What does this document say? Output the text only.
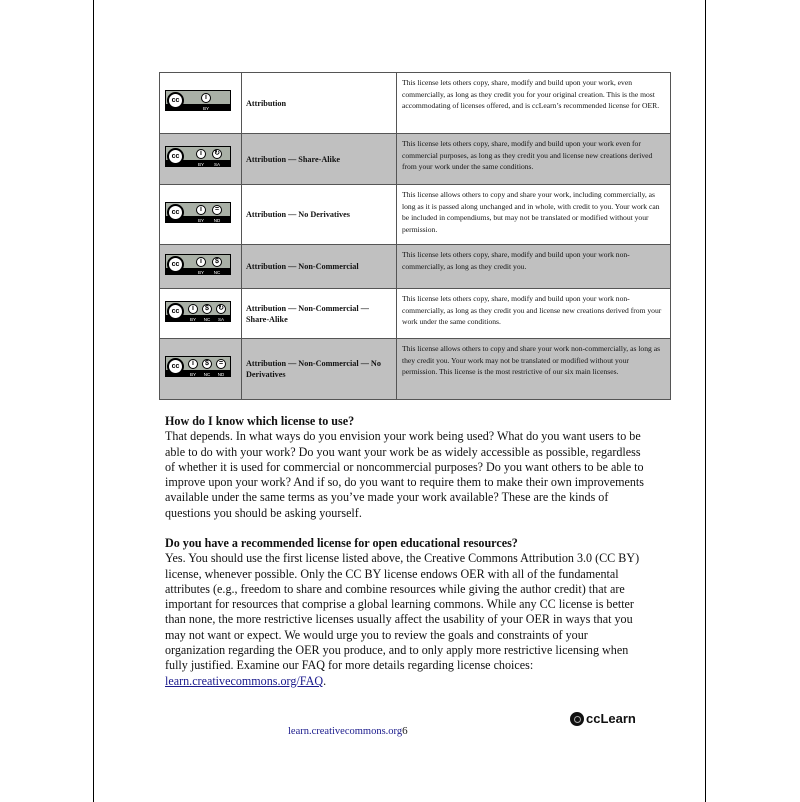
cc	i
BY
	Attribution	This license lets others copy, share, modify and build upon your work, even commercially, as long as they credit you for your original creation. This is the most accommodating of licenses offered, and is ccLearn’s recommended license for OER.

cc	i
BY
↻
SA
	Attribution — Share-Alike	This license lets others copy, share, modify and build upon your work even for commercial purposes, as long as they credit you and license new creations derived from your work under the same conditions.

cc	i
BY
=
ND
	Attribution — No Derivatives	This license allows others to copy and share your work, including commercially, as long as it is passed along unchanged and in whole, with credit to you. Your work can be included in compendiums, but may not be translated or modified without your permission.

cc i
BY
$
NC	Attribution — Non-Commercial	This license lets others copy, share, modify and build upon your work non-commercially, as long as they credit you.

cc	i
BY
$
NC
↻
SA
	Attribution — Non-Commercial — Share-Alike	This license lets others copy, share, modify and build upon your work non-commercially, as long as they credit you and license new creations derived from your work under the same conditions.

cc	i
BY
$
NC
=
ND
	Attribution — Non-Commercial — No Derivatives	This license allows others to copy and share your work non-commercially, as long as they credit you. Your work may not be translated or modified without your permission. This license is the most restrictive of our six main licenses.
How do I know which license to use?

That depends. In what ways do you envision your work being used? What do you want users to be able to do with your work? Do you want your work be as widely accessible as possible, regardless of whether it is used for commercial or noncommercial purposes? Do you want others to be able to improve upon your work? And if so, do you want to require them to make their own improvements available under the same terms as you’ve made your work available? These are the kinds of questions you should be asking yourself.

Do you have a recommended license for open educational resources?

Yes. You should use the first license listed above, the Creative Commons Attribution 3.0 (CC BY) license, whenever possible. Only the CC BY license endows OER with all of the fundamental attributes (e.g., freedom to share and combine resources while giving the author credit) that are important for resources that comprise a global learning commons. While any CC license is better than none, the more restrictive licenses usually affect the usability of your OER in ways that you may not want or expect. We would urge you to review the goals and constraints of your organization regarding the OER you produce, and to only apply more restrictive licensing when fully justified. Examine our FAQ for more details regarding license choices: learn.creativecommons.org/FAQ.

learn.creativecommons.org6
ccLearn
